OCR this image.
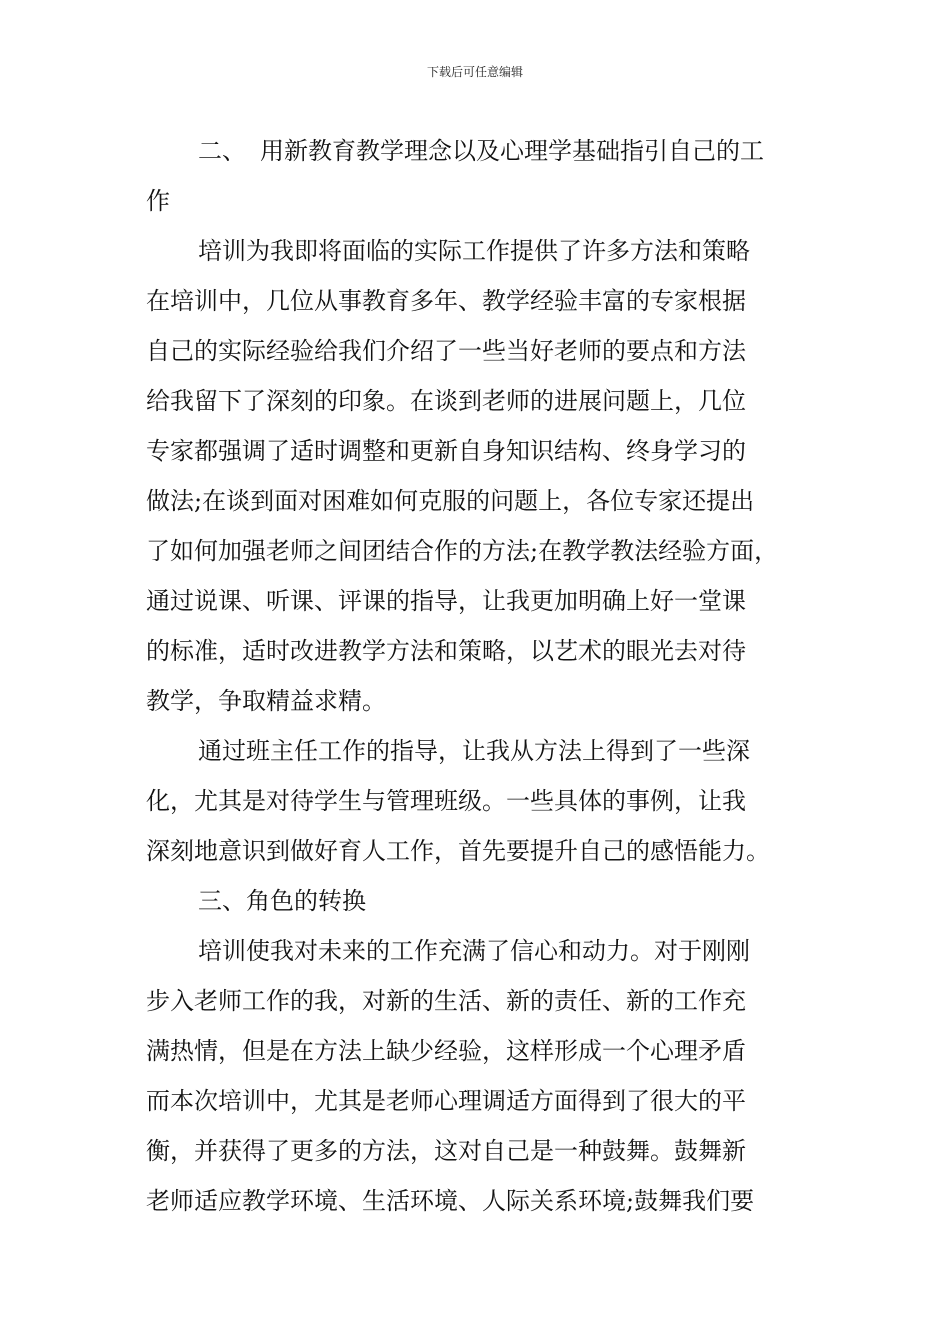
下载后可任意编辑
二、 用新教育教学理念以及心理学基础指引自己的工
作
培训为我即将面临的实际工作提供了许多方法和策略
在培训中，几位从事教育多年、教学经验丰富的专家根据
自己的实际经验给我们介绍了一些当好老师的要点和方法
给我留下了深刻的印象。在谈到老师的进展问题上，几位
专家都强调了适时调整和更新自身知识结构、终身学习的
做法;在谈到面对困难如何克服的问题上，各位专家还提出
了如何加强老师之间团结合作的方法;在教学教法经验方面，
通过说课、听课、评课的指导，让我更加明确上好一堂课
的标准，适时改进教学方法和策略，以艺术的眼光去对待
教学，争取精益求精。
通过班主任工作的指导，让我从方法上得到了一些深
化，尤其是对待学生与管理班级。一些具体的事例，让我
深刻地意识到做好育人工作，首先要提升自己的感悟能力。
三、角色的转换
培训使我对未来的工作充满了信心和动力。对于刚刚
步入老师工作的我，对新的生活、新的责任、新的工作充
满热情，但是在方法上缺少经验，这样形成一个心理矛盾
而本次培训中，尤其是老师心理调适方面得到了很大的平
衡，并获得了更多的方法，这对自己是一种鼓舞。鼓舞新
老师适应教学环境、生活环境、人际关系环境;鼓舞我们要
